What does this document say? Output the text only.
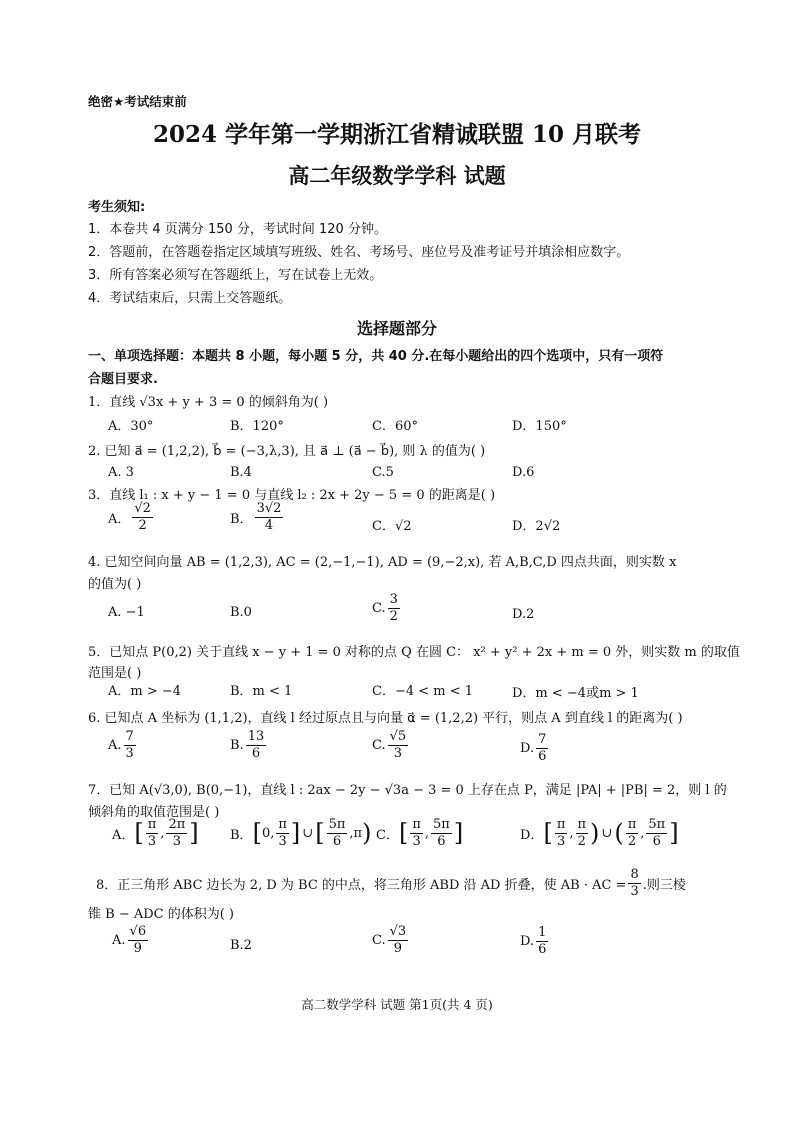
绝密★考试结束前
2024 学年第一学期浙江省精诚联盟 10 月联考
高二年级数学学科 试题
考生须知:
1．本卷共 4 页满分 150 分，考试时间 120 分钟。
2．答题前，在答题卷指定区域填写班级、姓名、考场号、座位号及准考证号并填涂相应数字。
3．所有答案必须写在答题纸上，写在试卷上无效。
4．考试结束后，只需上交答题纸。
选择题部分
一、单项选择题：本题共 8 小题，每小题 5 分，共 40 分.在每小题给出的四个选项中，只有一项符
合题目要求.
1．直线 √3x + y + 3 = 0 的倾斜角为( )
A．30°	B．120°	C．60°	D．150°
2. 已知 a⃗ = (1,2,2), b⃗ = (−3,λ,3), 且 a⃗ ⊥ (a⃗ − b⃗), 则 λ 的值为( )
A. 3	B.4	C.5	D.6
3．直线 l₁ : x + y − 1 = 0 与直线 l₂ : 2x + 2y − 5 = 0 的距离是( )
A． $\frac{√2}{2}$	B． $\frac{3√2}{4}$	C．√2	D．2√2
4. 已知空间向量 AB = (1,2,3), AC = (2,−1,−1), AD = (9,−2,x), 若 A,B,C,D 四点共面，则实数 x
的值为( )
A. −1	B.0	C. $\frac{3}{2}$	D.2
5．已知点 P(0,2) 关于直线 x − y + 1 = 0 对称的点 Q 在圆 C： x² + y² + 2x + m = 0 外，则实数 m 的取值
范围是( )
A．m > −4	B．m < 1	C．−4 < m < 1	D．m < −4或m > 1
6. 已知点 A 坐标为 (1,1,2)，直线 l 经过原点且与向量 α⃗ = (1,2,2) 平行，则点 A 到直线 l 的距离为( )
A. $\frac{7}{3}$	B. $\frac{13}{6}$	C. $\frac{√5}{3}$	D. $\frac{7}{6}$
7．已知 A(√3,0), B(0,−1)，直线 l : 2ax − 2y − √3a − 3 = 0 上存在点 P，满足 |PA| + |PB| = 2，则 l 的
倾斜角的取值范围是( )
A． [ $\frac{\pi}{3}$ , $\frac{2\pi}{3}$ ] B． [ 0 , $\frac{\pi}{3}$ ] ∪ [ $\frac{5\pi}{6}$ , π ) C． [ $\frac{\pi}{3}$ , $\frac{5\pi}{6}$ ]	D． [ $\frac{\pi}{3}$ , $\frac{\pi}{2}$ ) ∪ ( $\frac{\pi}{2}$ , $\frac{5\pi}{6}$ ]
8．正三角形 ABC 边长为 2, D 为 BC 的中点，将三角形 ABD 沿 AD 折叠，使 AB · AC = $\frac{8}{3}$ .则三棱
锥 B − ADC 的体积为( )
A. $\frac{√6}{9}$	B.2	C. $\frac{√3}{9}$	D. $\frac{1}{6}$
高二数学学科 试题 第1页(共 4 页)
